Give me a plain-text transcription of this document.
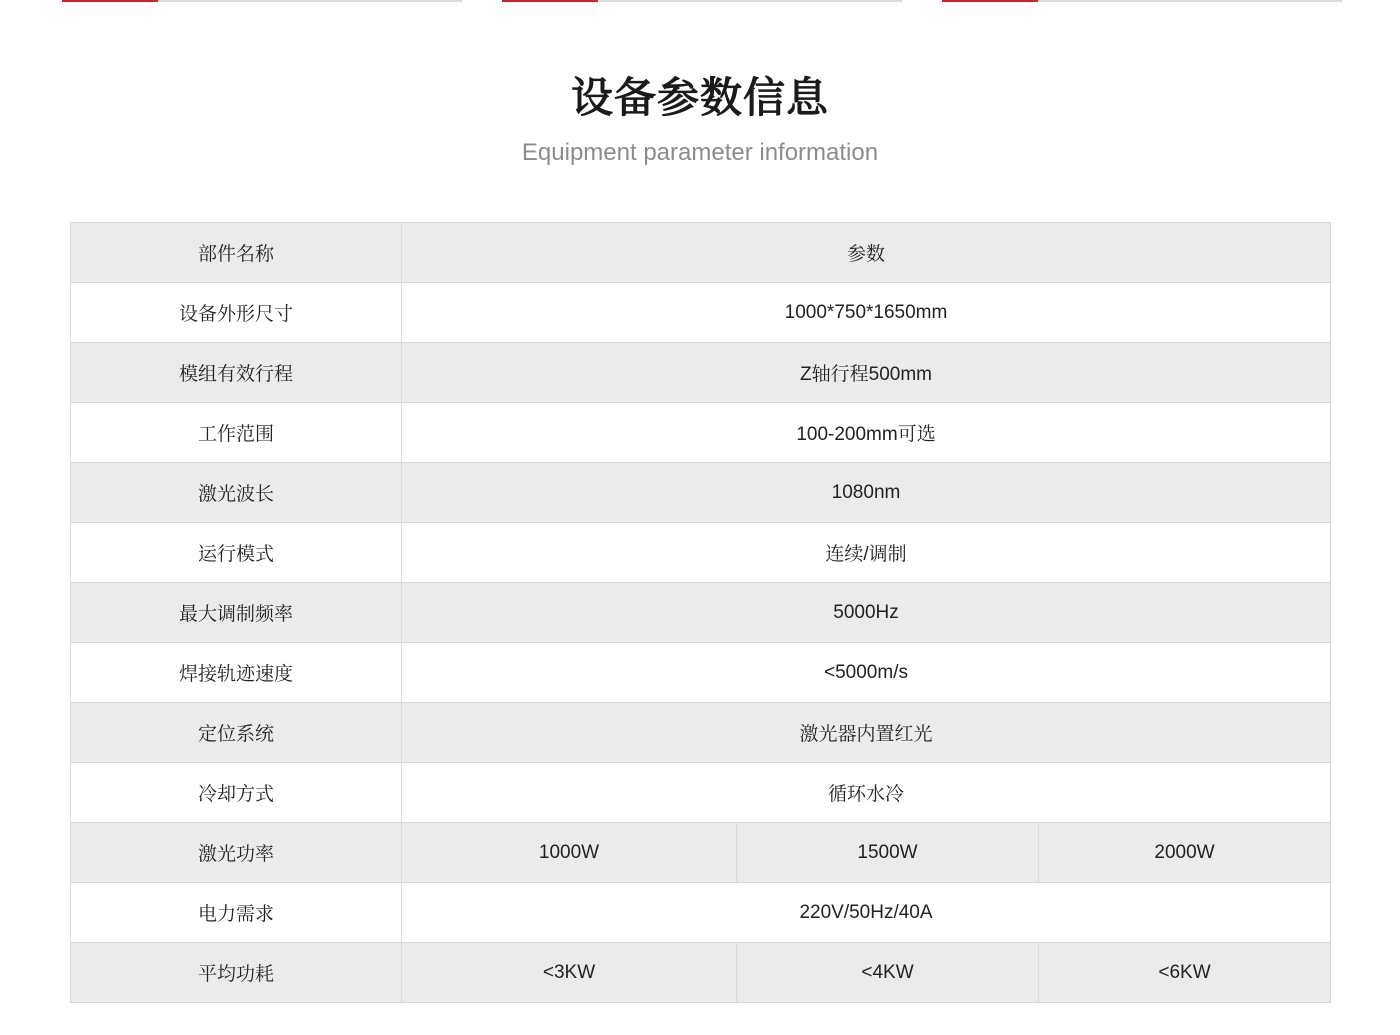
设备参数信息

Equipment parameter information

部件名称	参数		
设备外形尺寸	1000*750*1650mm		
模组有效行程	Z轴行程500mm		
工作范围	100-200mm可选		
激光波长	1080nm		
运行模式	连续/调制		
最大调制频率	5000Hz		
焊接轨迹速度	<5000m/s		
定位系统	激光器内置红光		
冷却方式	循环水冷		
激光功率	1000W	1500W	2000W
电力需求	220V/50Hz/40A		
平均功耗	<3KW	<4KW	<6KW
